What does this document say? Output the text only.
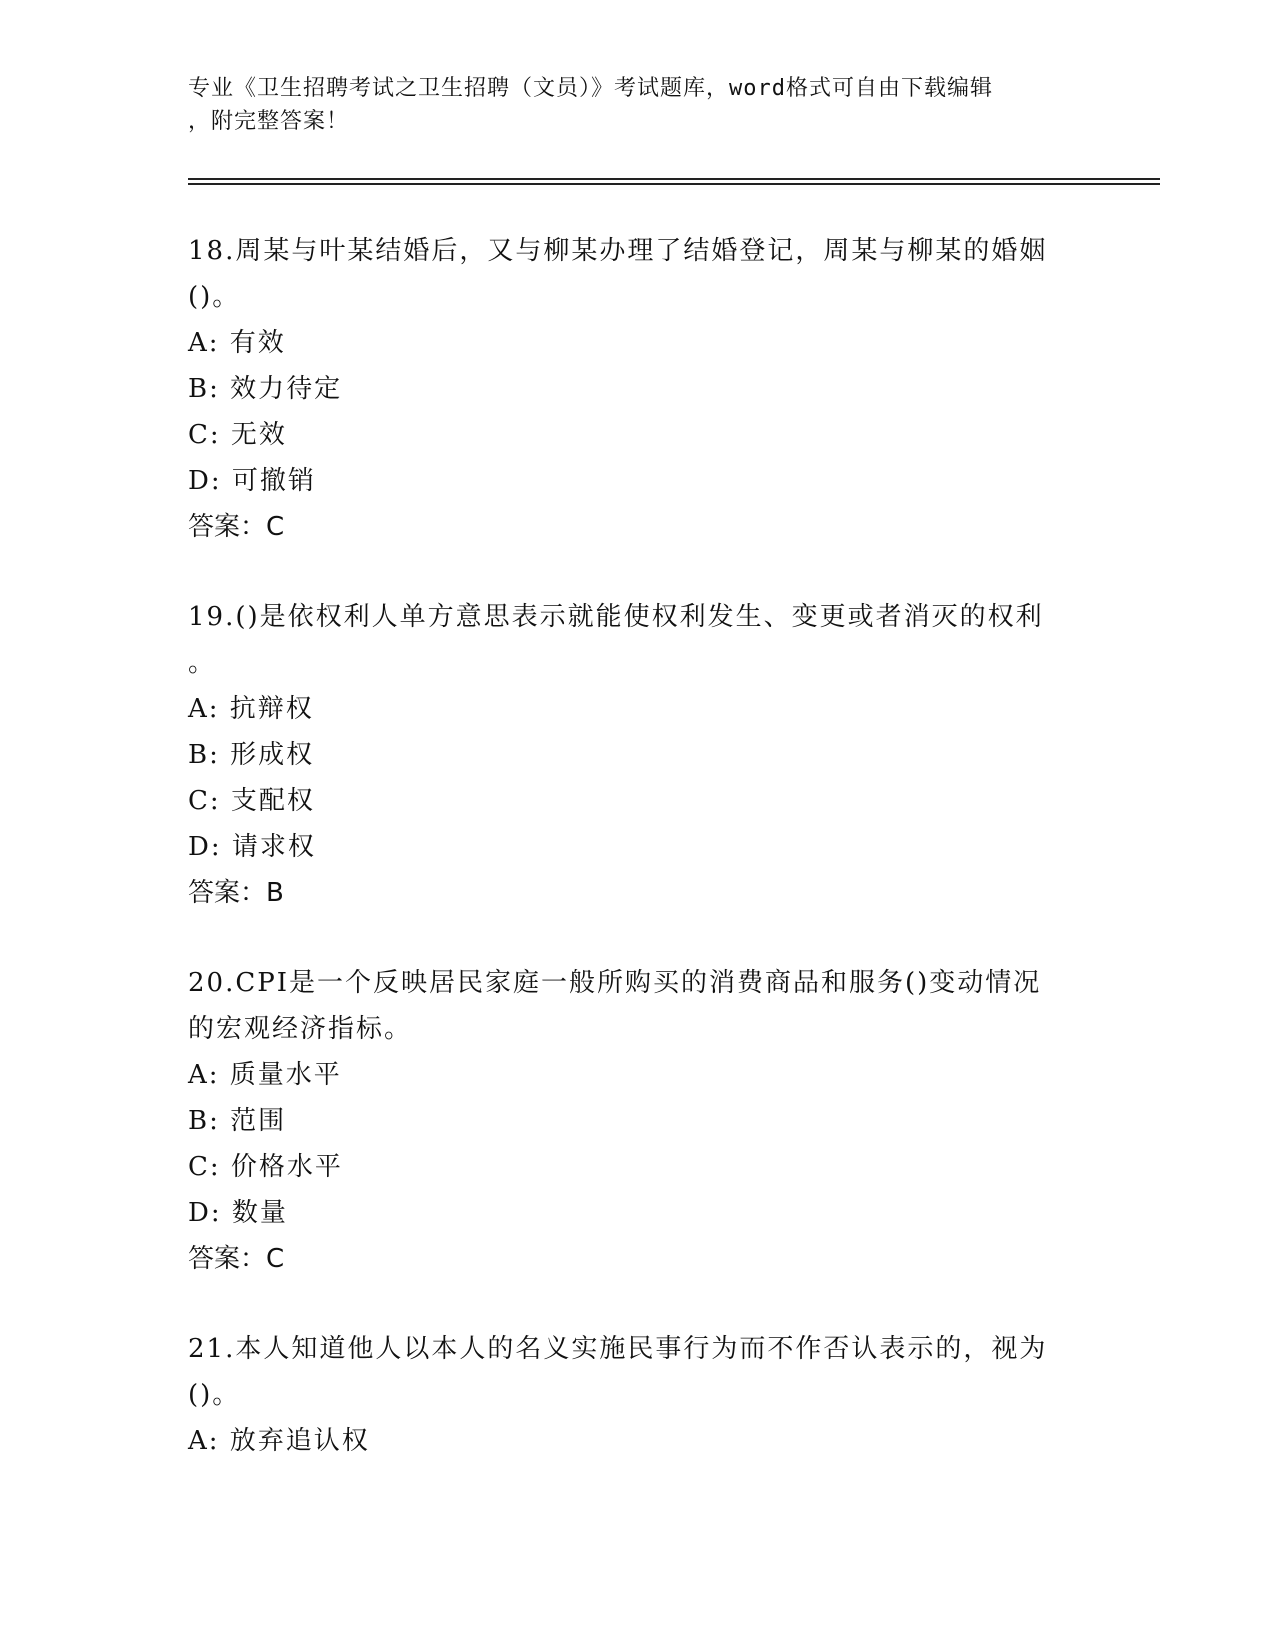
专业《卫生招聘考试之卫生招聘（文员）》考试题库，word格式可自由下载编辑

，附完整答案！

18.周某与叶某结婚后，又与柳某办理了结婚登记，周某与柳某的婚姻

()。

A: 有效

B: 效力待定

C: 无效

D: 可撤销

答案：C

19.()是依权利人单方意思表示就能使权利发生、变更或者消灭的权利

。

A: 抗辩权

B: 形成权

C: 支配权

D: 请求权

答案：B

20.CPI是一个反映居民家庭一般所购买的消费商品和服务()变动情况

的宏观经济指标。

A: 质量水平

B: 范围

C: 价格水平

D: 数量

答案：C

21.本人知道他人以本人的名义实施民事行为而不作否认表示的，视为

()。

A: 放弃追认权
